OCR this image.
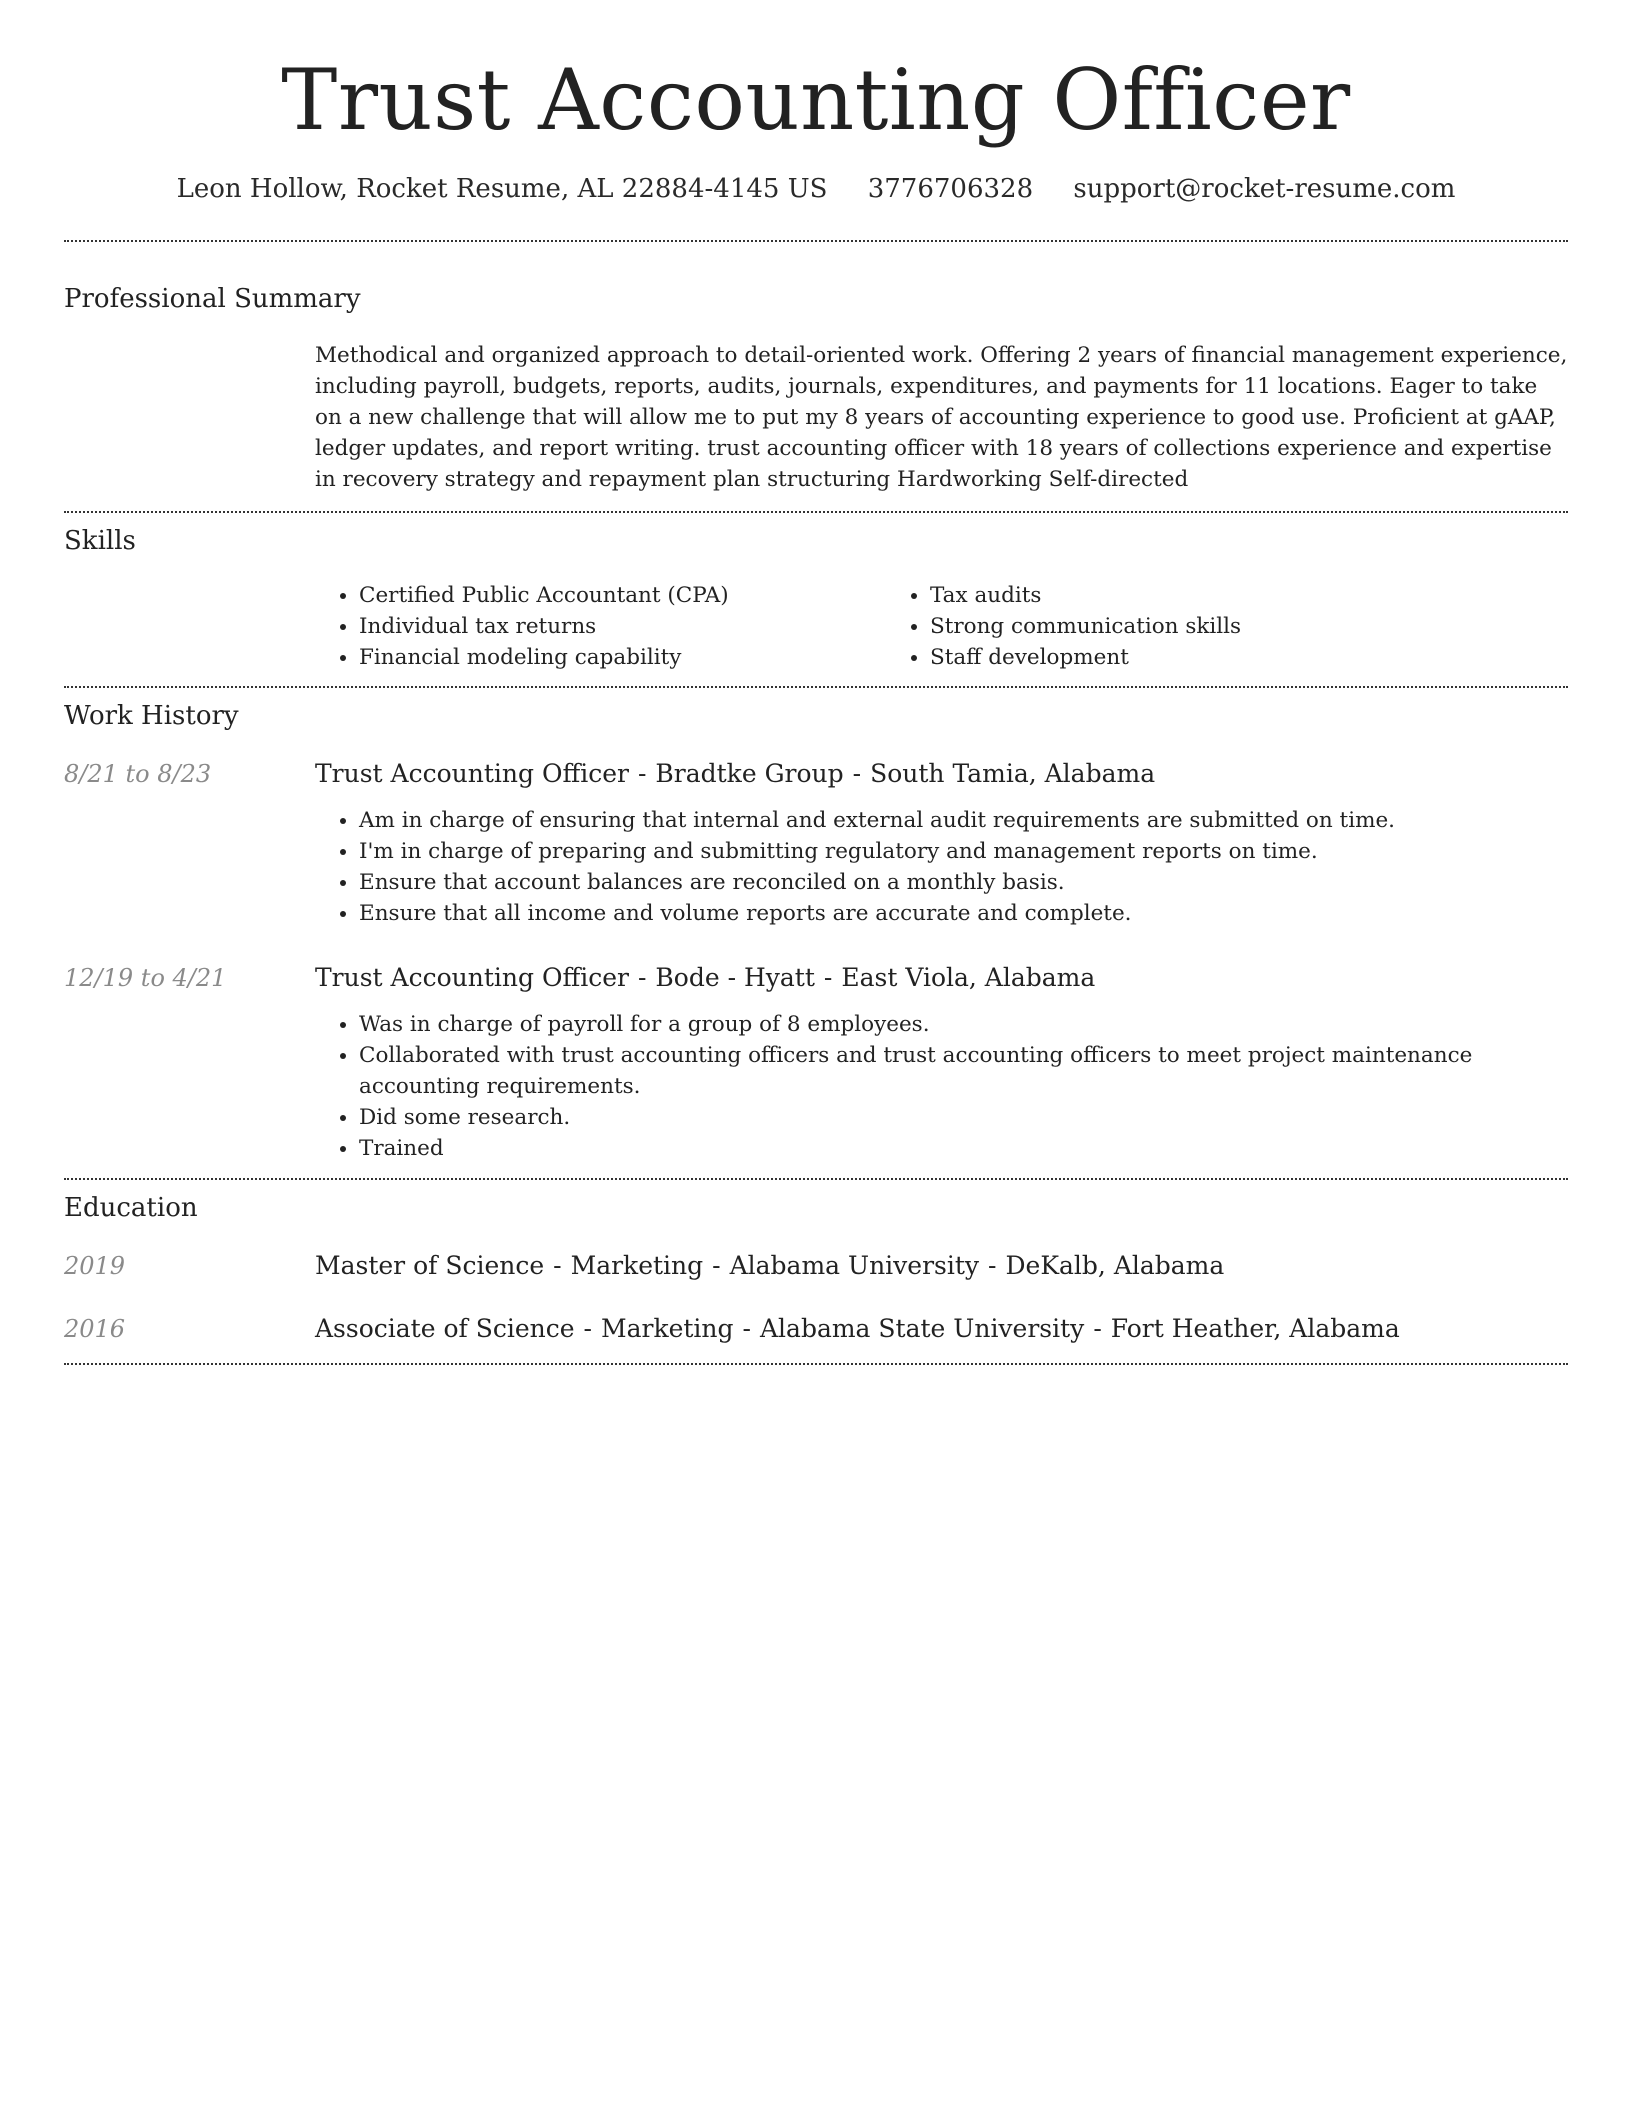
Trust Accounting Officer
Leon Hollow, Rocket Resume, AL 22884-4145 US 3776706328 support@rocket-resume.com
Professional Summary
Methodical and organized approach to detail-oriented work. Offering 2 years of financial management experience, including payroll, budgets, reports, audits, journals, expenditures, and payments for 11 locations. Eager to take on a new challenge that will allow me to put my 8 years of accounting experience to good use. Proficient at gAAP, ledger updates, and report writing. trust accounting officer with 18 years of collections experience and expertise in recovery strategy and repayment plan structuring Hardworking Self-directed
Skills
• Certified Public Accountant (CPA)
• Individual tax returns
• Financial modeling capability
• Tax audits
• Strong communication skills
• Staff development
Work History
8/21 to 8/23	Trust Accounting Officer - Bradtke Group - South Tamia, Alabama
• Am in charge of ensuring that internal and external audit requirements are submitted on time.
• I'm in charge of preparing and submitting regulatory and management reports on time.
• Ensure that account balances are reconciled on a monthly basis.
• Ensure that all income and volume reports are accurate and complete.
12/19 to 4/21	Trust Accounting Officer - Bode - Hyatt - East Viola, Alabama
• Was in charge of payroll for a group of 8 employees.
• Collaborated with trust accounting officers and trust accounting officers to meet project maintenance accounting requirements.
• Did some research.
• Trained
Education
2019	Master of Science - Marketing - Alabama University - DeKalb, Alabama
2016	Associate of Science - Marketing - Alabama State University - Fort Heather, Alabama
